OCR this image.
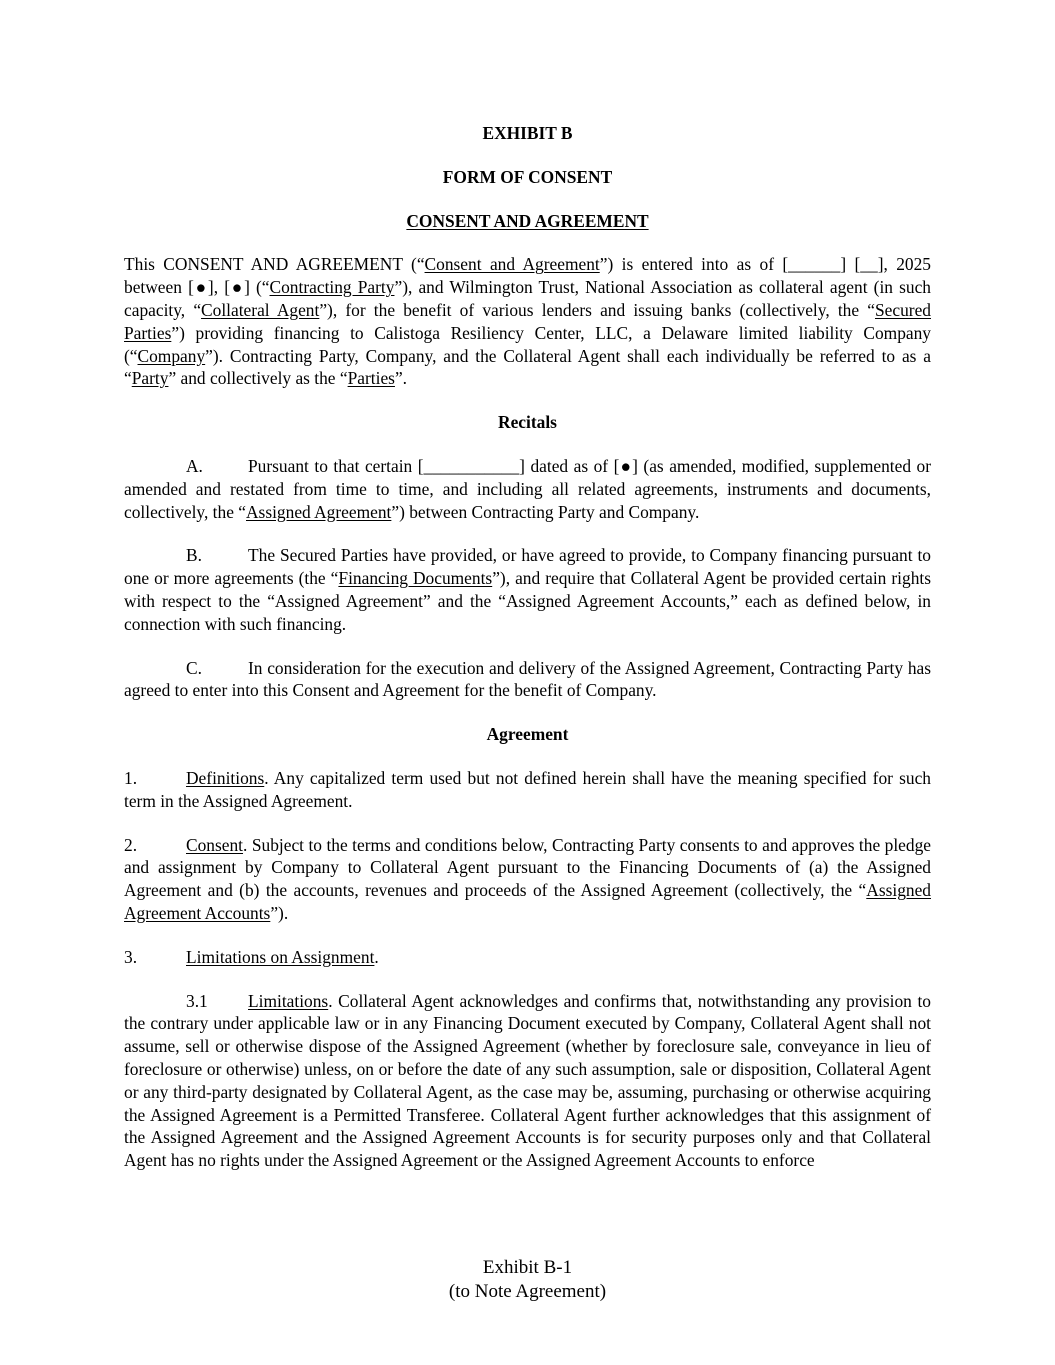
EXHIBIT B

FORM OF CONSENT

CONSENT AND AGREEMENT

This CONSENT AND AGREEMENT (“Consent and Agreement”) is entered into as of [______] [__], 2025 between [●], [●] (“Contracting Party”), and Wilmington Trust, National Association as collateral agent (in such capacity, “Collateral Agent”), for the benefit of various lenders and issuing banks (collectively, the “Secured Parties”) providing financing to Calistoga Resiliency Center, LLC, a Delaware limited liability Company (“Company”). Contracting Party, Company, and the Collateral Agent shall each individually be referred to as a “Party” and collectively as the “Parties”.

Recitals

A.	Pursuant to that certain [___________] dated as of [●] (as amended, modified, supplemented or amended and restated from time to time, and including all related agreements, instruments and documents, collectively, the “Assigned Agreement”) between Contracting Party and Company.

B.	The Secured Parties have provided, or have agreed to provide, to Company financing pursuant to one or more agreements (the “Financing Documents”), and require that Collateral Agent be provided certain rights with respect to the “Assigned Agreement” and the “Assigned Agreement Accounts,” each as defined below, in connection with such financing.

C.	In consideration for the execution and delivery of the Assigned Agreement, Contracting Party has agreed to enter into this Consent and Agreement for the benefit of Company.

Agreement

1.	Definitions. Any capitalized term used but not defined herein shall have the meaning specified for such term in the Assigned Agreement.

2.	Consent. Subject to the terms and conditions below, Contracting Party consents to and approves the pledge and assignment by Company to Collateral Agent pursuant to the Financing Documents of (a) the Assigned Agreement and (b) the accounts, revenues and proceeds of the Assigned Agreement (collectively, the “Assigned Agreement Accounts”).

3.	Limitations on Assignment.

3.1 Limitations. Collateral Agent acknowledges and confirms that, notwithstanding any provision to the contrary under applicable law or in any Financing Document executed by Company, Collateral Agent shall not assume, sell or otherwise dispose of the Assigned Agreement (whether by foreclosure sale, conveyance in lieu of foreclosure or otherwise) unless, on or before the date of any such assumption, sale or disposition, Collateral Agent or any third-party designated by Collateral Agent, as the case may be, assuming, purchasing or otherwise acquiring the Assigned Agreement is a Permitted Transferee. Collateral Agent further acknowledges that this assignment of the Assigned Agreement and the Assigned Agreement Accounts is for security purposes only and that Collateral Agent has no rights under the Assigned Agreement or the Assigned Agreement Accounts to enforce

Exhibit B-1
(to Note Agreement)
